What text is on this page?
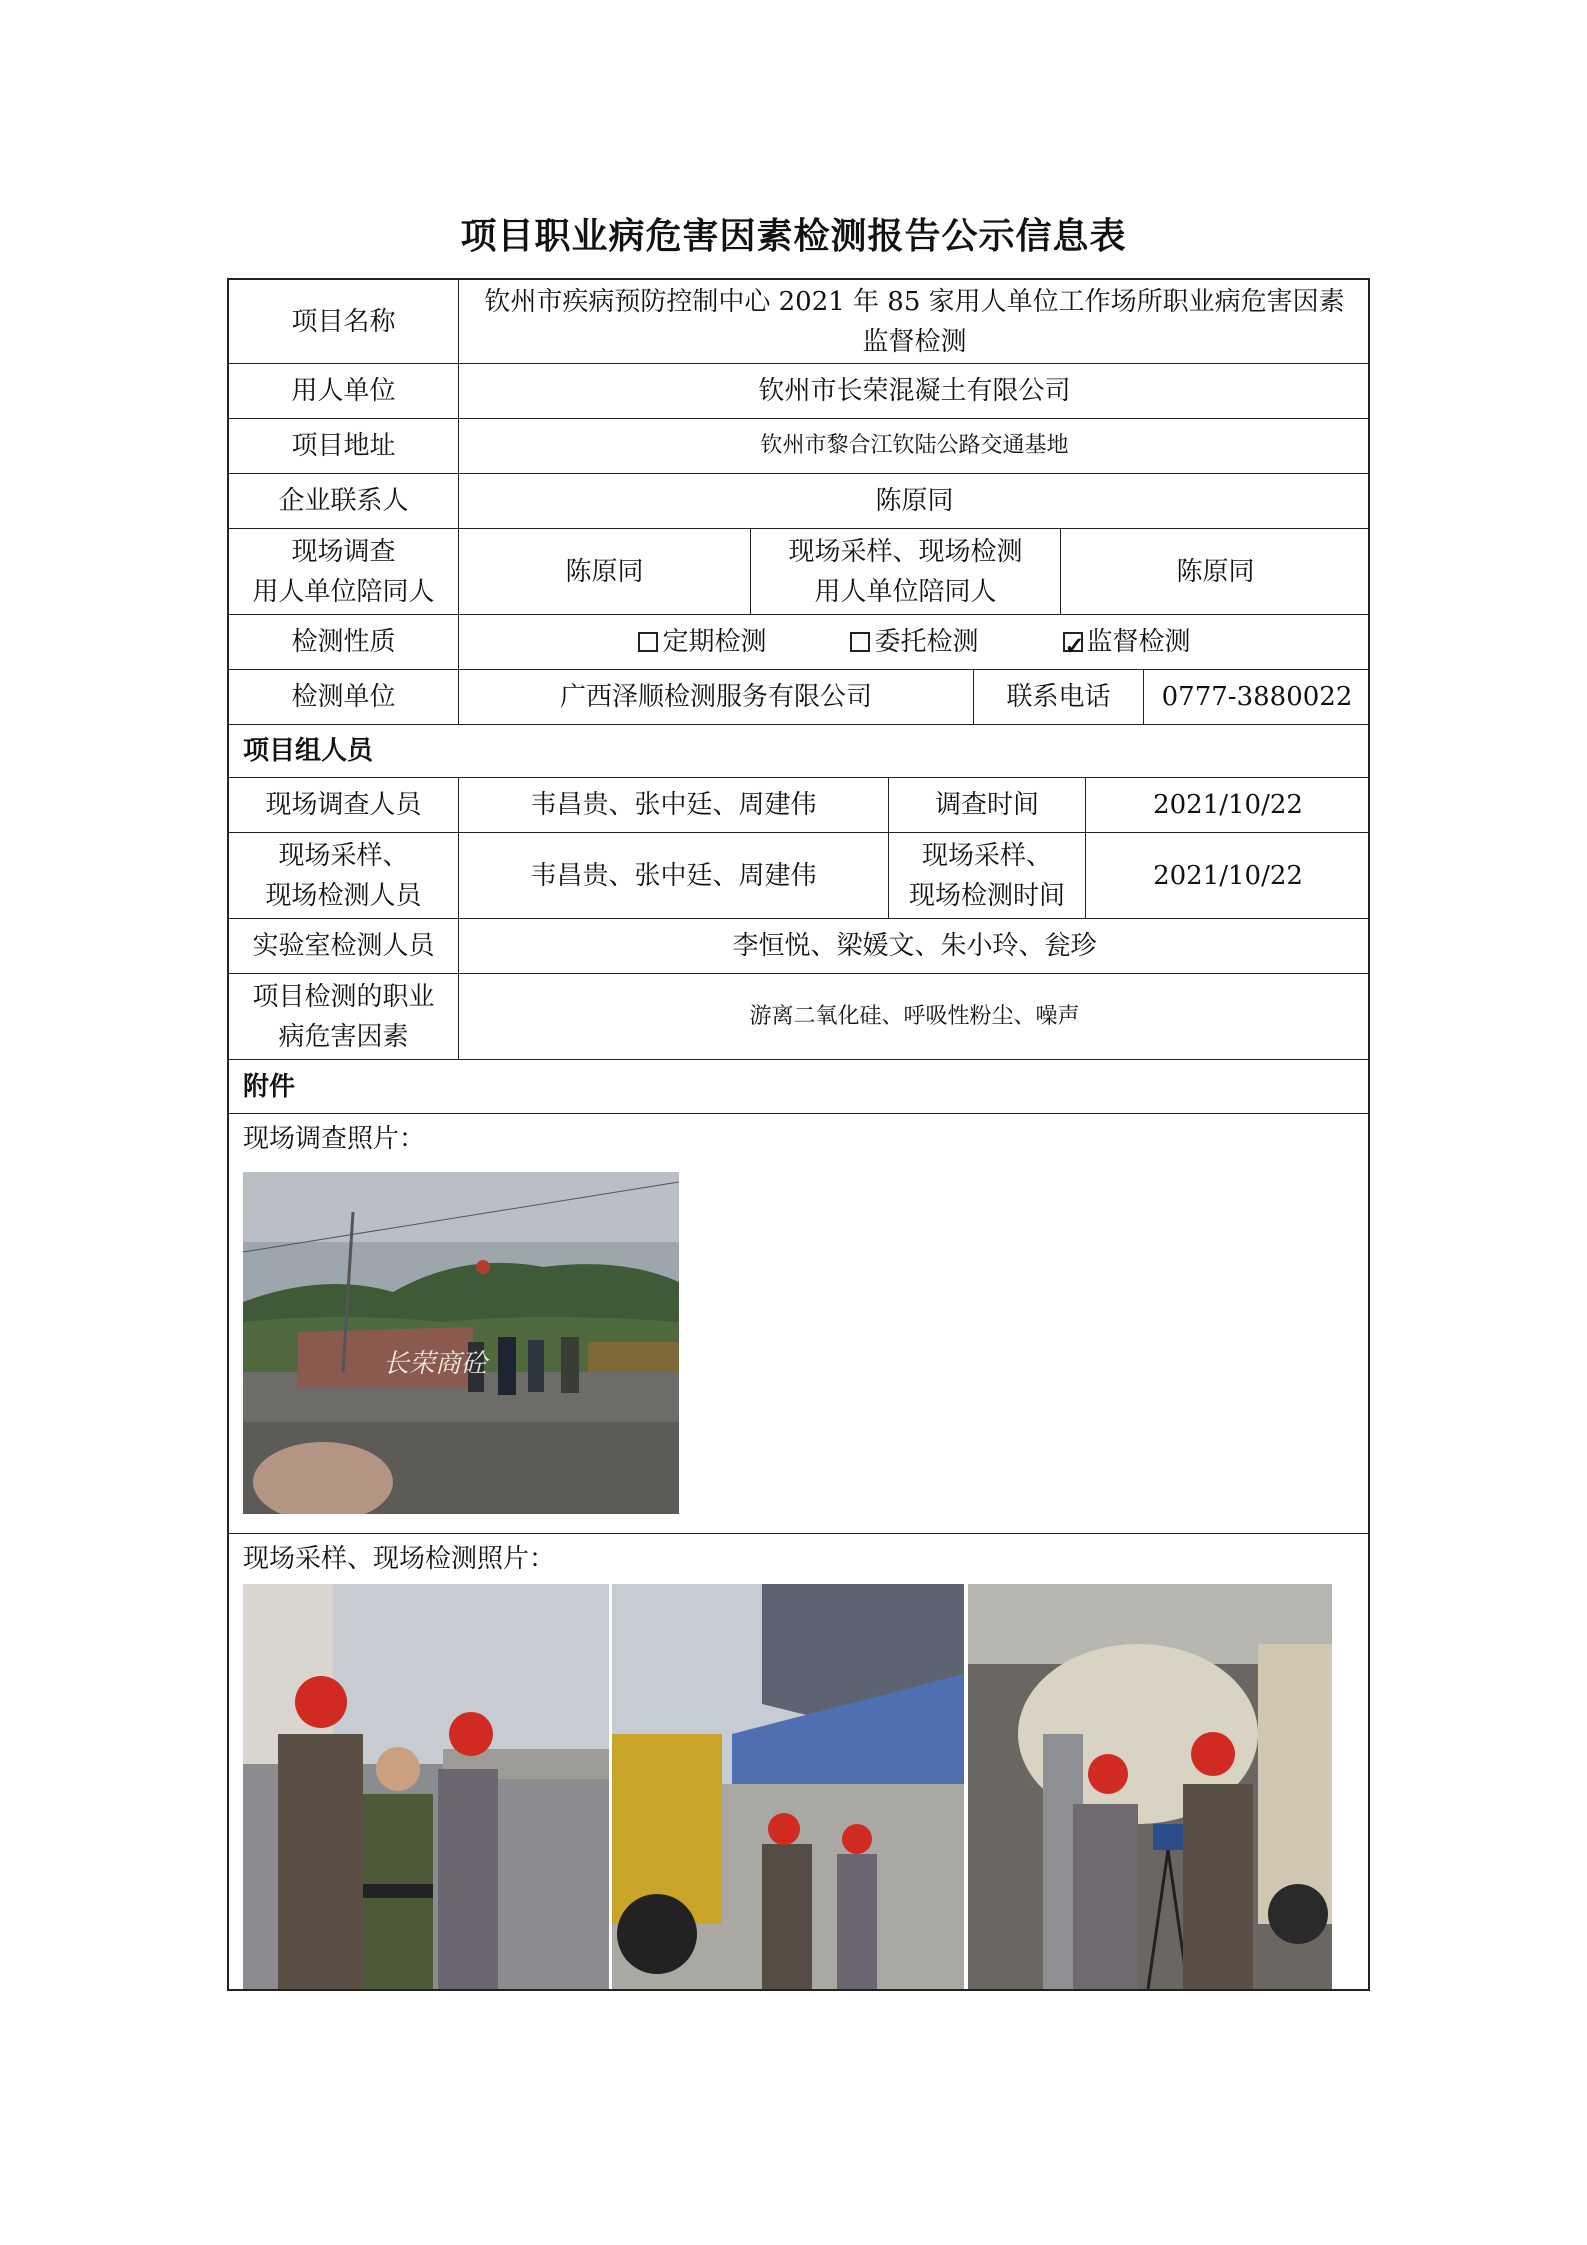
项目职业病危害因素检测报告公示信息表
项目名称
钦州市疾病预防控制中心 2021 年 85 家用人单位工作场所职业病危害因素监督检测
用人单位	钦州市长荣混凝土有限公司
项目地址	钦州市黎合江钦陆公路交通基地
企业联系人	陈原同
现场调查
用人单位陪同人
陈原同
现场采样、现场检测
用人单位陪同人
陈原同
检测性质	定期检测	委托检测
✓	监督检测
检测单位	广西泽顺检测服务有限公司	联系电话	0777-3880022
项目组人员
现场调查人员	韦昌贵、张中廷、周建伟	调查时间	2021/10/22
现场采样、
现场检测人员
韦昌贵、张中廷、周建伟
现场采样、
现场检测时间
2021/10/22
实验室检测人员	李恒悦、梁媛文、朱小玲、瓮珍
项目检测的职业
病危害因素
游离二氧化硅、呼吸性粉尘、噪声
附件
现场调查照片：
长荣商砼
现场采样、现场检测照片：
